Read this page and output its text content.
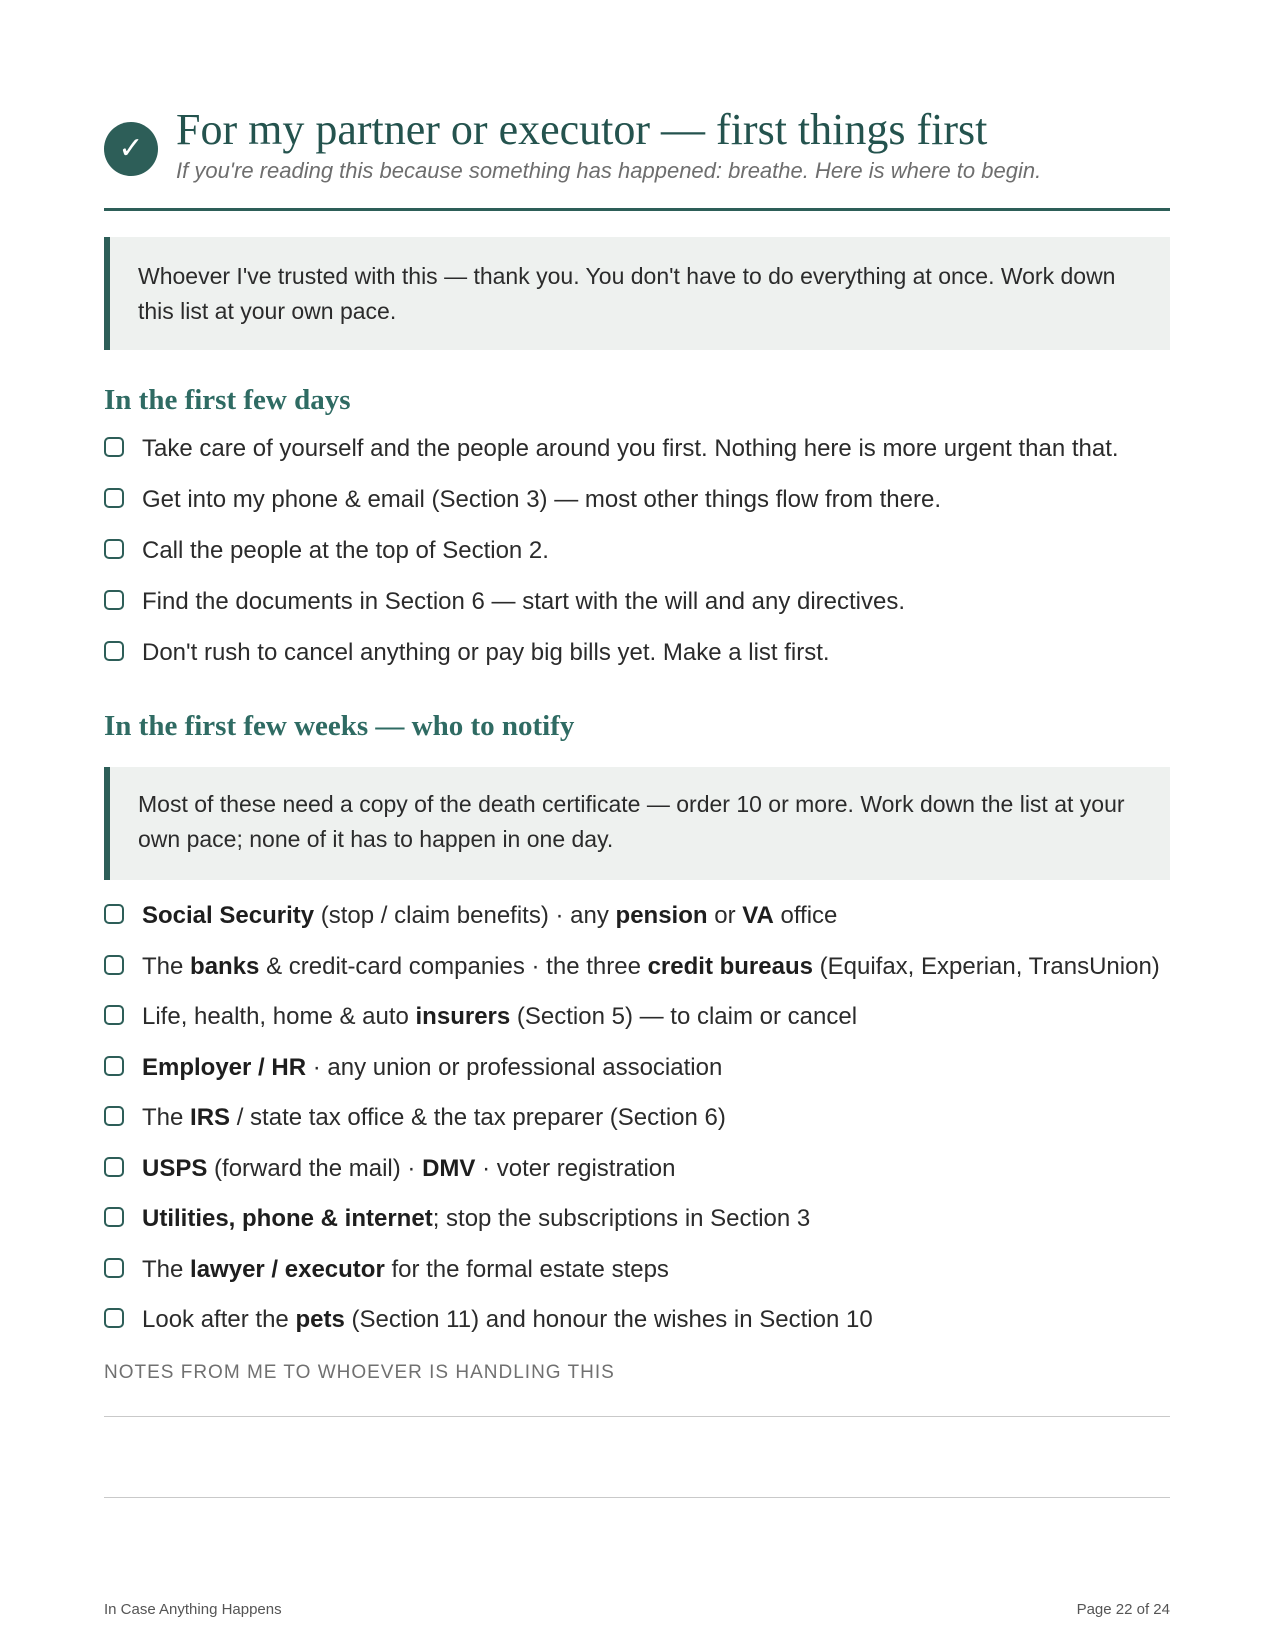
✓ For my partner or executor — first things first
If you're reading this because something has happened: breathe. Here is where to begin.
Whoever I've trusted with this — thank you. You don't have to do everything at once. Work down this list at your own pace.
In the first few days
Take care of yourself and the people around you first. Nothing here is more urgent than that.
Get into my phone & email (Section 3) — most other things flow from there.
Call the people at the top of Section 2.
Find the documents in Section 6 — start with the will and any directives.
Don't rush to cancel anything or pay big bills yet. Make a list first.
In the first few weeks — who to notify
Most of these need a copy of the death certificate — order 10 or more. Work down the list at your own pace; none of it has to happen in one day.
Social Security (stop / claim benefits) · any pension or VA office
The banks & credit-card companies · the three credit bureaus (Equifax, Experian, TransUnion)
Life, health, home & auto insurers (Section 5) — to claim or cancel
Employer / HR · any union or professional association
The IRS / state tax office & the tax preparer (Section 6)
USPS (forward the mail) · DMV · voter registration
Utilities, phone & internet; stop the subscriptions in Section 3
The lawyer / executor for the formal estate steps
Look after the pets (Section 11) and honour the wishes in Section 10
NOTES FROM ME TO WHOEVER IS HANDLING THIS
In Case Anything Happens	Page 22 of 24
